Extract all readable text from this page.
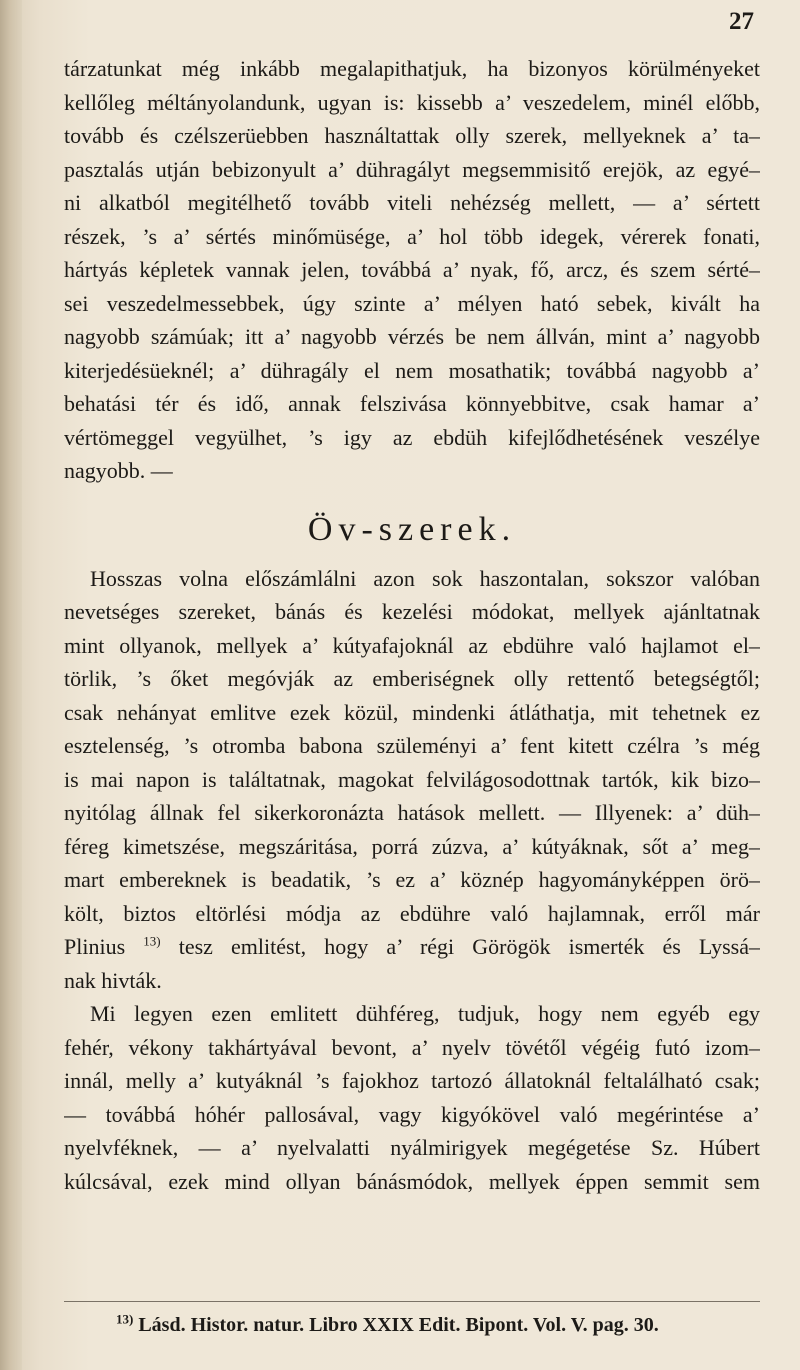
27
tárzatunkat még inkább megalapithatjuk, ha bizonyos körülményeket
kellőleg méltányolandunk, ugyan is: kissebb a’ veszedelem, minél előbb,
tovább és czélszerüebben használtattak olly szerek, mellyeknek a’ ta–
pasztalás utján bebizonyult a’ dühragályt megsemmisitő erejök, az egyé–
ni alkatból megitélhető tovább viteli nehézség mellett, — a’ sértett
részek, ’s a’ sértés minőmüsége, a’ hol több idegek, vérerek fonati,
hártyás képletek vannak jelen, továbbá a’ nyak, fő, arcz, és szem sérté–
sei veszedelmessebbek, úgy szinte a’ mélyen ható sebek, kivált ha
nagyobb számúak; itt a’ nagyobb vérzés be nem állván, mint a’ nagyobb
kiterjedésüeknél; a’ dühragály el nem mosathatik; továbbá nagyobb a’
behatási tér és idő, annak felszivása könnyebbitve, csak hamar a’
vértömeggel vegyülhet, ’s igy az ebdüh kifejlődhetésének veszélye
nagyobb. —
Öv-szerek.
Hosszas volna előszámlálni azon sok haszontalan, sokszor valóban
nevetséges szereket, bánás és kezelési módokat, mellyek ajánltatnak
mint ollyanok, mellyek a’ kútyafajoknál az ebdühre való hajlamot el–
törlik, ’s őket megóvják az emberiségnek olly rettentő betegségtől;
csak nehányat emlitve ezek közül, mindenki átláthatja, mit tehetnek ez
esztelenség, ’s otromba babona szüleményi a’ fent kitett czélra ’s még
is mai napon is találtatnak, magokat felvilágosodottnak tartók, kik bizo–
nyitólag állnak fel sikerkoronázta hatások mellett. — Illyenek: a’ düh–
féreg kimetszése, megszáritása, porrá zúzva, a’ kútyáknak, sőt a’ meg–
mart embereknek is beadatik, ’s ez a’ köznép hagyományképpen örö–
költ, biztos eltörlési módja az ebdühre való hajlamnak, erről már
Plinius $^{13)}$ tesz emlitést, hogy a’ régi Görögök ismerték és Lyssá–
nak hivták.
Mi legyen ezen emlitett dühféreg, tudjuk, hogy nem egyéb egy
fehér, vékony takhártyával bevont, a’ nyelv tövétől végéig futó izom–
innál, melly a’ kutyáknál ’s fajokhoz tartozó állatoknál feltalálható csak;
— továbbá hóhér pallosával, vagy kigyókövel való megérintése a’
nyelvféknek, — a’ nyelvalatti nyálmirigyek megégetése Sz. Húbert
kúlcsával, ezek mind ollyan bánásmódok, mellyek éppen semmit sem
$^{13)}$ Lásd. Histor. natur. Libro XXIX Edit. Bipont. Vol. V. pag. 30.
